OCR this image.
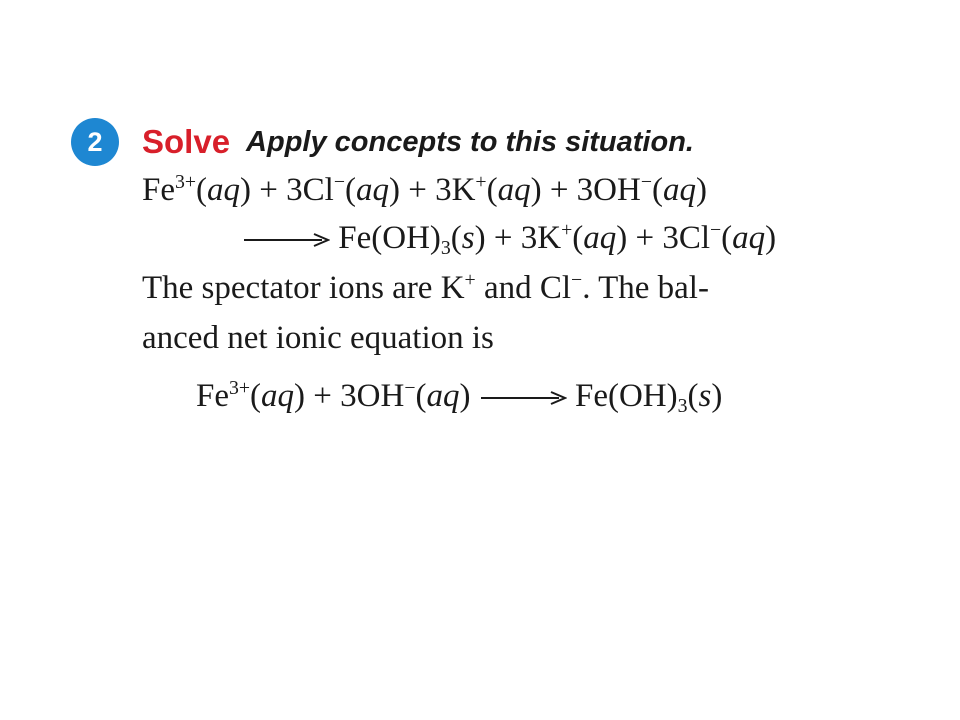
2	Solve Apply concepts to this situation.
$Fe^{3+}(aq) + 3Cl^-(aq) + 3K^+(aq) + 3OH^-(aq)$
$Fe(OH)_3(s) + 3K^+(aq) + 3Cl^-(aq)$
The spectator ions are K+ and Cl−. The bal-
anced net ionic equation is
$Fe^{3+}(aq) + 3OH^-(aq)$	$Fe(OH)_3(s)$
